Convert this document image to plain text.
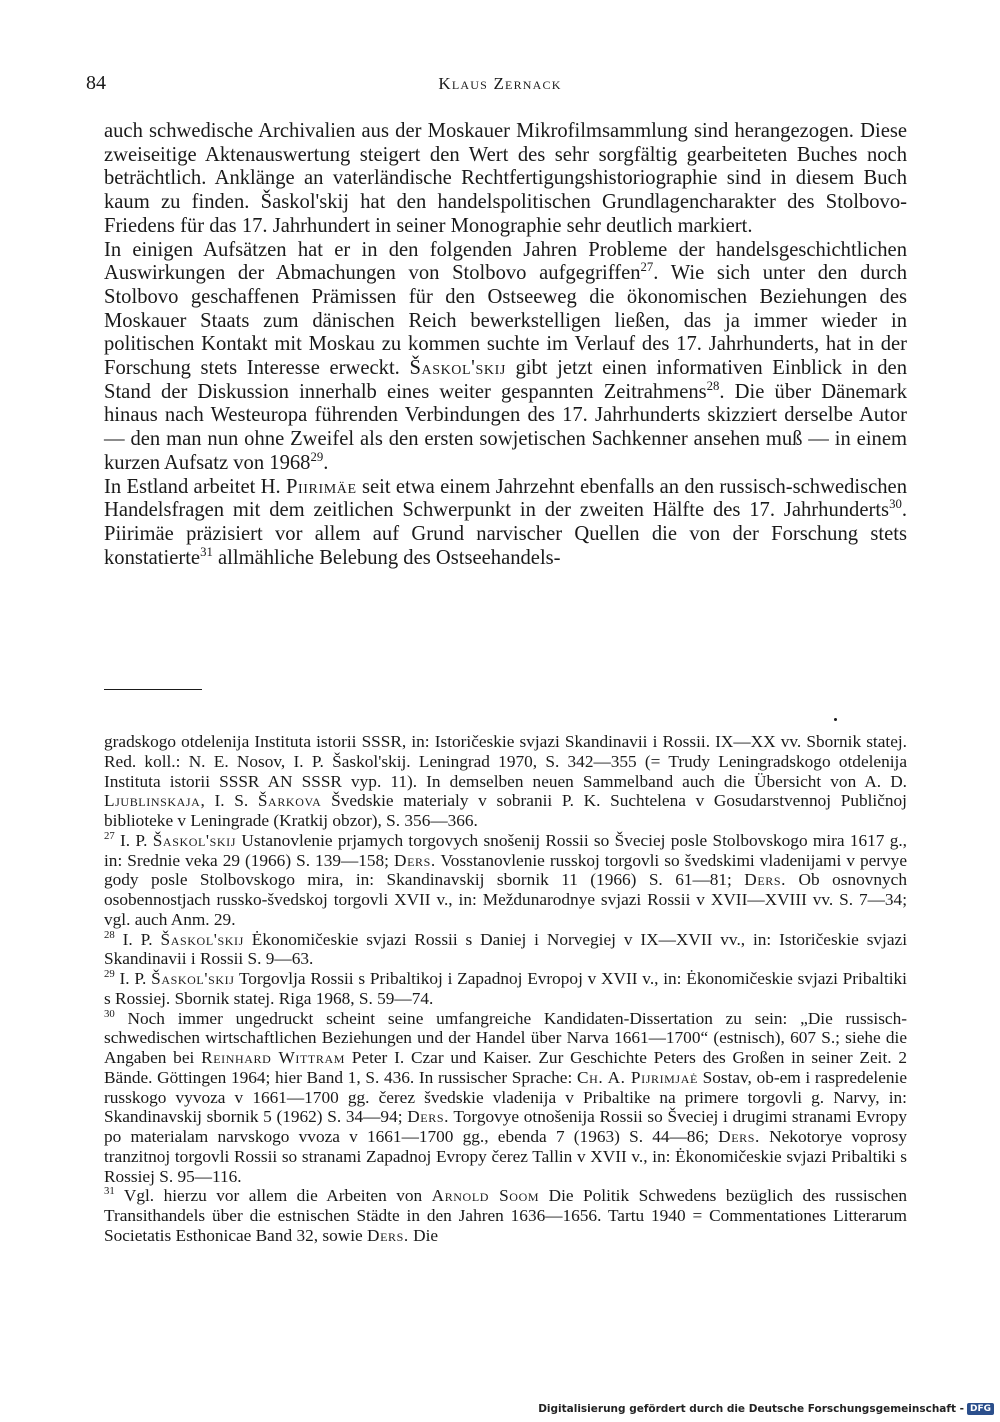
84	Klaus Zernack

auch schwedische Archivalien aus der Moskauer Mikrofilmsammlung sind herangezogen. Diese zweiseitige Aktenauswertung steigert den Wert des sehr sorgfältig gearbeiteten Buches noch beträchtlich. Anklänge an vaterländische Rechtfertigungshistoriographie sind in diesem Buch kaum zu finden. Šaskol'skij hat den handelspolitischen Grundlagencharakter des Stolbovo-Friedens für das 17. Jahrhundert in seiner Monographie sehr deutlich markiert.

In einigen Aufsätzen hat er in den folgenden Jahren Probleme der handelsgeschichtlichen Auswirkungen der Abmachungen von Stolbovo aufgegriffen$^{27}$. Wie sich unter den durch Stolbovo geschaffenen Prämissen für den Ostseeweg die ökonomischen Beziehungen des Moskauer Staats zum dänischen Reich bewerkstelligen ließen, das ja immer wieder in politischen Kontakt mit Moskau zu kommen suchte im Verlauf des 17. Jahrhunderts, hat in der Forschung stets Interesse erweckt. Šaskol'skij gibt jetzt einen informativen Einblick in den Stand der Diskussion innerhalb eines weiter gespannten Zeitrahmens$^{28}$. Die über Dänemark hinaus nach Westeuropa führenden Verbindungen des 17. Jahrhunderts skizziert derselbe Autor — den man nun ohne Zweifel als den ersten sowjetischen Sachkenner ansehen muß — in einem kurzen Aufsatz von 1968$^{29}$.

In Estland arbeitet H. Piirimäe seit etwa einem Jahrzehnt ebenfalls an den russisch-schwedischen Handelsfragen mit dem zeitlichen Schwerpunkt in der zweiten Hälfte des 17. Jahrhunderts$^{30}$. Piirimäe präzisiert vor allem auf Grund narvischer Quellen die von der Forschung stets konstatierte$^{31}$ allmähliche Belebung des Ostseehandels-

gradskogo otdelenija Instituta istorii SSSR, in: Istoričeskie svjazi Skandinavii i Rossii. IX—XX vv. Sbornik statej. Red. koll.: N. E. Nosov, I. P. Šaskol'skij. Leningrad 1970, S. 342—355 (= Trudy Leningradskogo otdelenija Instituta istorii SSSR AN SSSR vyp. 11). In demselben neuen Sammelband auch die Übersicht von A. D. Ljublinskaja, I. S. Šarkova Švedskie materialy v sobranii P. K. Suchtelena v Gosudarstvennoj Publičnoj biblioteke v Leningrade (Kratkij obzor), S. 356—366.

$^{27}$ I. P. Šaskol'skij Ustanovlenie prjamych torgovych snošenij Rossii so Šveciej posle Stolbovskogo mira 1617 g., in: Srednie veka 29 (1966) S. 139—158; Ders. Vosstanovlenie russkoj torgovli so švedskimi vladenijami v pervye gody posle Stolbovskogo mira, in: Skandinavskij sbornik 11 (1966) S. 61—81; Ders. Ob osnovnych osobennostjach russko-švedskoj torgovli XVII v., in: Meždunarodnye svjazi Rossii v XVII—XVIII vv. S. 7—34; vgl. auch Anm. 29.

$^{28}$ I. P. Šaskol'skij Ėkonomičeskie svjazi Rossii s Daniej i Norvegiej v IX—XVII vv., in: Istoričeskie svjazi Skandinavii i Rossii S. 9—63.

$^{29}$ I. P. Šaskol'skij Torgovlja Rossii s Pribaltikoj i Zapadnoj Evropoj v XVII v., in: Ėkonomičeskie svjazi Pribaltiki s Rossiej. Sbornik statej. Riga 1968, S. 59—74.

$^{30}$ Noch immer ungedruckt scheint seine umfangreiche Kandidaten-Dissertation zu sein: „Die russisch-schwedischen wirtschaftlichen Beziehungen und der Handel über Narva 1661—1700“ (estnisch), 607 S.; siehe die Angaben bei Reinhard Wittram Peter I. Czar und Kaiser. Zur Geschichte Peters des Großen in seiner Zeit. 2 Bände. Göttingen 1964; hier Band 1, S. 436. In russischer Sprache: Ch. A. Pijrimjaė Sostav, ob-em i raspredelenie russkogo vyvoza v 1661—1700 gg. čerez švedskie vladenija v Pribaltike na primere torgovli g. Narvy, in: Skandinavskij sbornik 5 (1962) S. 34—94; Ders. Torgovye otnošenija Rossii so Šveciej i drugimi stranami Evropy po materialam narvskogo vvoza v 1661—1700 gg., ebenda 7 (1963) S. 44—86; Ders. Nekotorye voprosy tranzitnoj torgovli Rossii so stranami Zapadnoj Evropy čerez Tallin v XVII v., in: Ėkonomičeskie svjazi Pribaltiki s Rossiej S. 95—116.

$^{31}$ Vgl. hierzu vor allem die Arbeiten von Arnold Soom Die Politik Schwedens bezüglich des russischen Transithandels über die estnischen Städte in den Jahren 1636—1656. Tartu 1940 = Commentationes Litterarum Societatis Esthonicae Band 32, sowie Ders. Die

Digitalisierung gefördert durch die Deutsche Forschungsgemeinschaft - DFG
